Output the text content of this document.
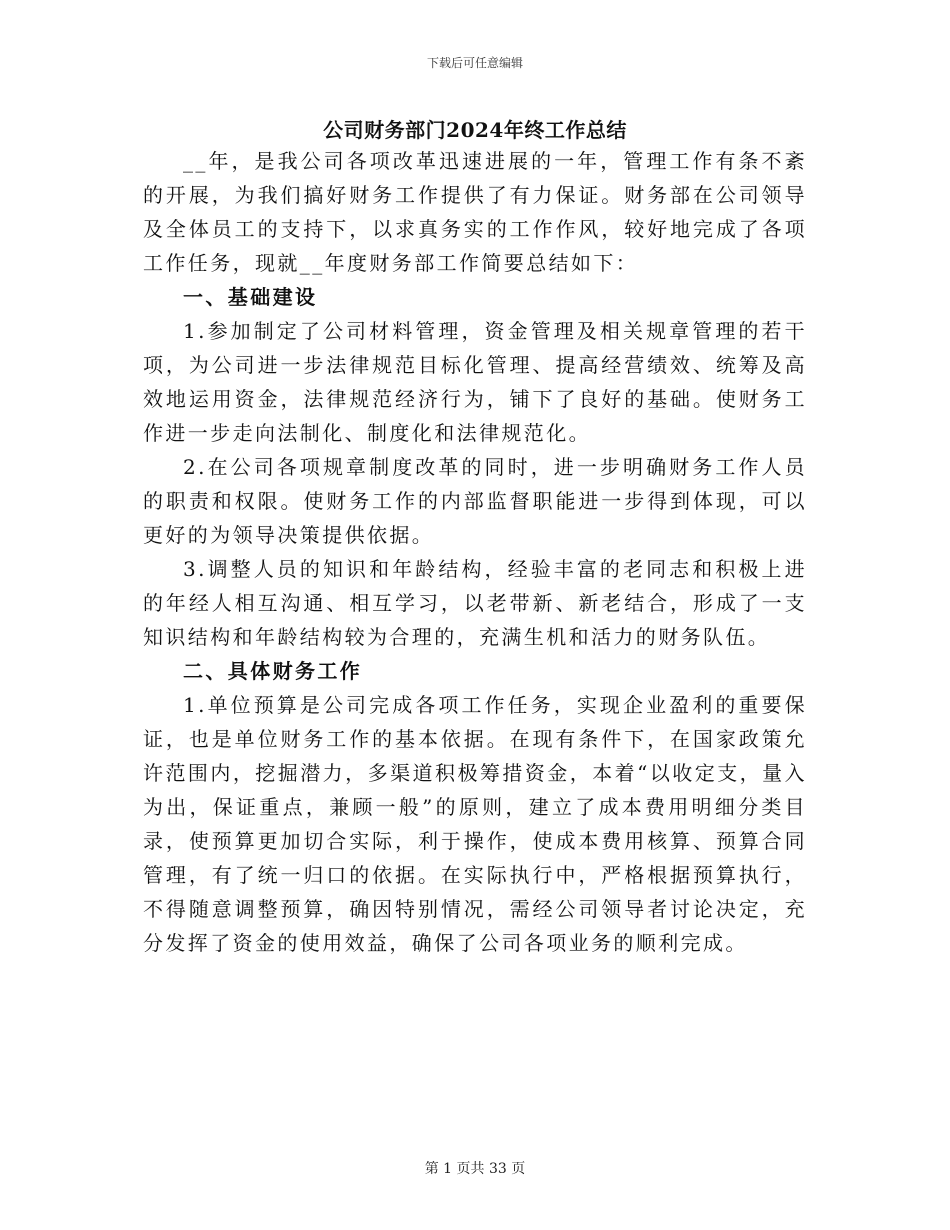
下载后可任意编辑
公司财务部门2024年终工作总结

__年，是我公司各项改革迅速进展的一年，管理工作有条不紊的开展，为我们搞好财务工作提供了有力保证。财务部在公司领导及全体员工的支持下，以求真务实的工作作风，较好地完成了各项工作任务，现就__年度财务部工作简要总结如下：

一、基础建设

1.参加制定了公司材料管理，资金管理及相关规章管理的若干项，为公司进一步法律规范目标化管理、提高经营绩效、统筹及高效地运用资金，法律规范经济行为，铺下了良好的基础。使财务工作进一步走向法制化、制度化和法律规范化。

2.在公司各项规章制度改革的同时，进一步明确财务工作人员的职责和权限。使财务工作的内部监督职能进一步得到体现，可以更好的为领导决策提供依据。

3.调整人员的知识和年龄结构，经验丰富的老同志和积极上进的年经人相互沟通、相互学习，以老带新、新老结合，形成了一支知识结构和年龄结构较为合理的，充满生机和活力的财务队伍。

二、具体财务工作

1.单位预算是公司完成各项工作任务，实现企业盈利的重要保证，也是单位财务工作的基本依据。在现有条件下，在国家政策允许范围内，挖掘潜力，多渠道积极筹措资金，本着“以收定支，量入为出，保证重点，兼顾一般”的原则，建立了成本费用明细分类目录，使预算更加切合实际，利于操作，使成本费用核算、预算合同管理，有了统一归口的依据。在实际执行中，严格根据预算执行，不得随意调整预算，确因特别情况，需经公司领导者讨论决定，充分发挥了资金的使用效益，确保了公司各项业务的顺利完成。

第 1 页共 33 页
